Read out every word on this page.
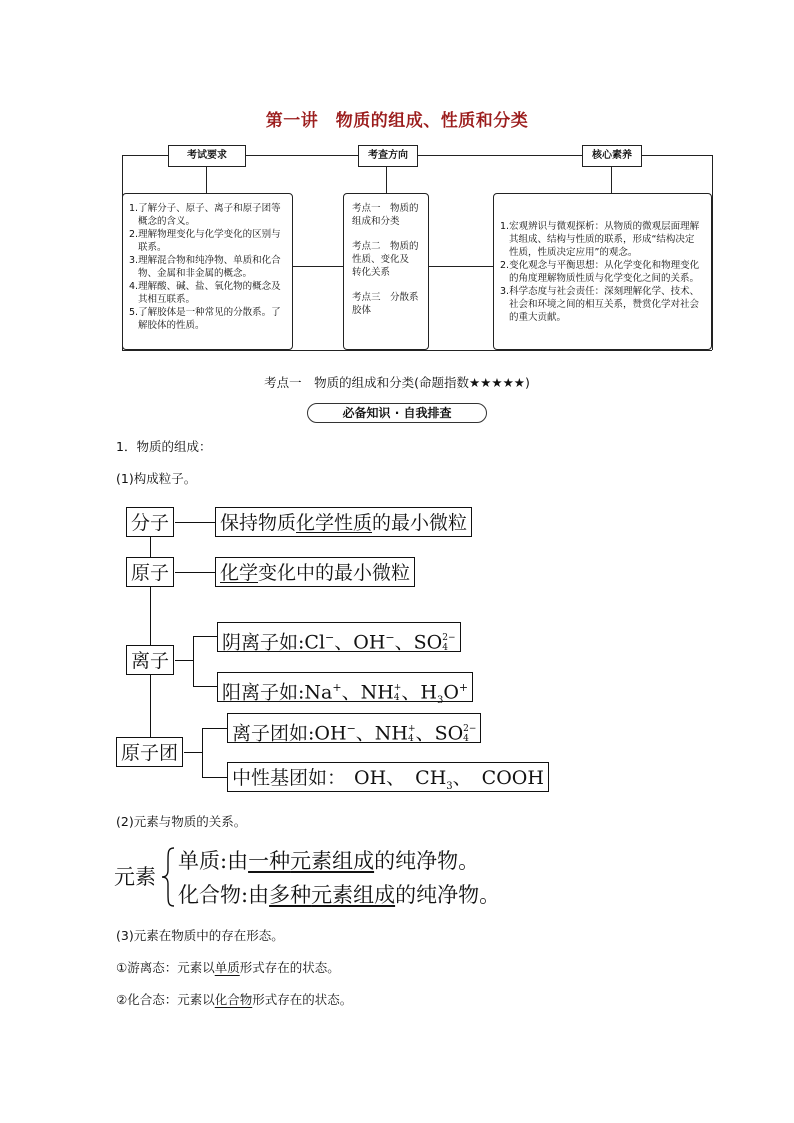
第一讲　物质的组成、性质和分类
考试要求	考查方向	核心素养

1.了解分子、原子、离子和原子团等

概念的含义。

2.理解物理变化与化学变化的区别与

联系。

3.理解混合物和纯净物、单质和化合

物、金属和非金属的概念。

4.理解酸、碱、盐、氧化物的概念及

其相互联系。

5.了解胶体是一种常见的分散系。了

解胶体的性质。

考点一　物质的

组成和分类

考点二　物质的

性质、变化及

转化关系

考点三　分散系

胶体

1.宏观辨识与微观探析：从物质的微观层面理解

其组成、结构与性质的联系，形成“结构决定

性质，性质决定应用”的观念。

2.变化观念与平衡思想：从化学变化和物理变化

的角度理解物质性质与化学变化之间的关系。

3.科学态度与社会责任：深刻理解化学、技术、

社会和环境之间的相互关系，赞赏化学对社会

的重大贡献。

考点一　物质的组成和分类(命题指数★★★★★)
必备知识 · 自我排查
1．物质的组成：
(1)构成粒子。
分子	保持物质化学性质的最小微粒
原子	化学变化中的最小微粒
离子
阴离子如:Cl−、OH−、SO 2−
4
阳离子如:Na+、NH +
4 、$H_3O^+$
原子团
离子团如:OH−、NH +
4 、SO 2−
4
中性基团如： OH、 $CH_3$、 COOH
(2)元素与物质的关系。
元素
单质:由一种元素组成的纯净物。
化合物:由多种元素组成的纯净物。
(3)元素在物质中的存在形态。
①游离态：元素以单质形式存在的状态。
②化合态：元素以化合物形式存在的状态。
